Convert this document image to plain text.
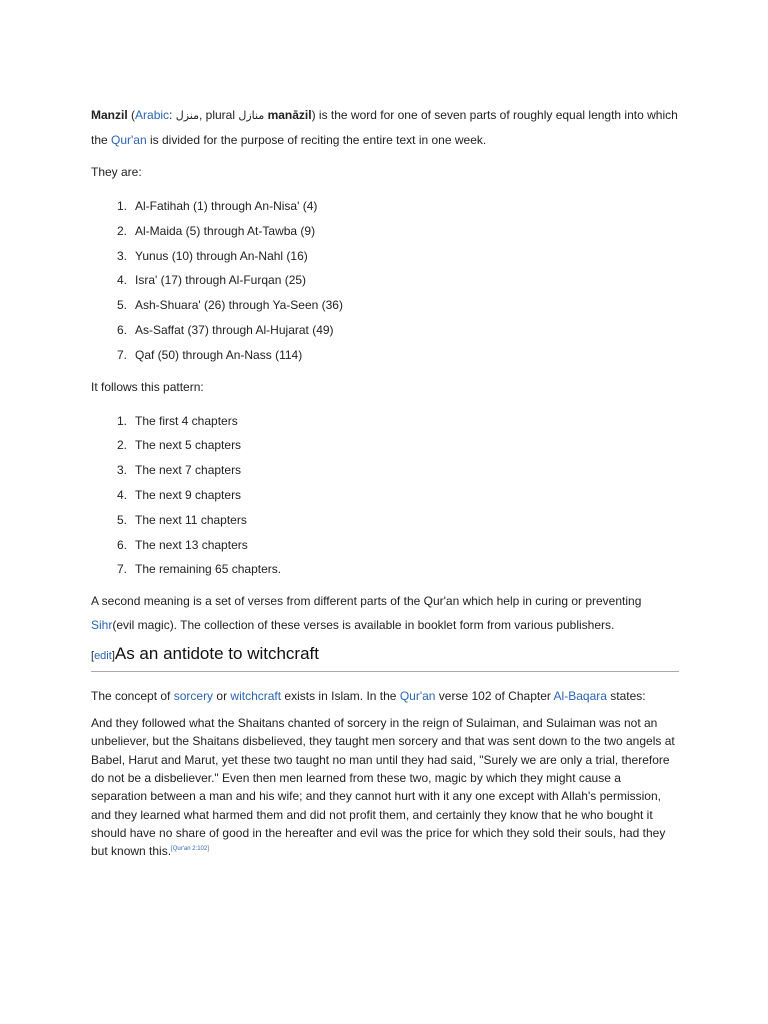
Manzil (Arabic: منزل, plural منازل manāzil) is the word for one of seven parts of roughly equal length into which the Qur'an is divided for the purpose of reciting the entire text in one week.

They are:

1. Al-Fatihah (1) through An-Nisa' (4)
2. Al-Maida (5) through At-Tawba (9)
3. Yunus (10) through An-Nahl (16)
4. Isra' (17) through Al-Furqan (25)
5. Ash-Shuara' (26) through Ya-Seen (36)
6. As-Saffat (37) through Al-Hujarat (49)
7. Qaf (50) through An-Nass (114)

It follows this pattern:

1. The first 4 chapters
2. The next 5 chapters
3. The next 7 chapters
4. The next 9 chapters
5. The next 11 chapters
6. The next 13 chapters
7. The remaining 65 chapters.

A second meaning is a set of verses from different parts of the Qur'an which help in curing or preventing Sihr(evil magic). The collection of these verses is available in booklet form from various publishers.

[edit]As an antidote to witchcraft

The concept of sorcery or witchcraft exists in Islam. In the Qur'an verse 102 of Chapter Al-Baqara states:

And they followed what the Shaitans chanted of sorcery in the reign of Sulaiman, and Sulaiman was not an unbeliever, but the Shaitans disbelieved, they taught men sorcery and that was sent down to the two angels at Babel, Harut and Marut, yet these two taught no man until they had said, "Surely we are only a trial, therefore do not be a disbeliever." Even then men learned from these two, magic by which they might cause a separation between a man and his wife; and they cannot hurt with it any one except with Allah's permission, and they learned what harmed them and did not profit them, and certainly they know that he who bought it should have no share of good in the hereafter and evil was the price for which they sold their souls, had they but known this.[Qur'an 2:102]
